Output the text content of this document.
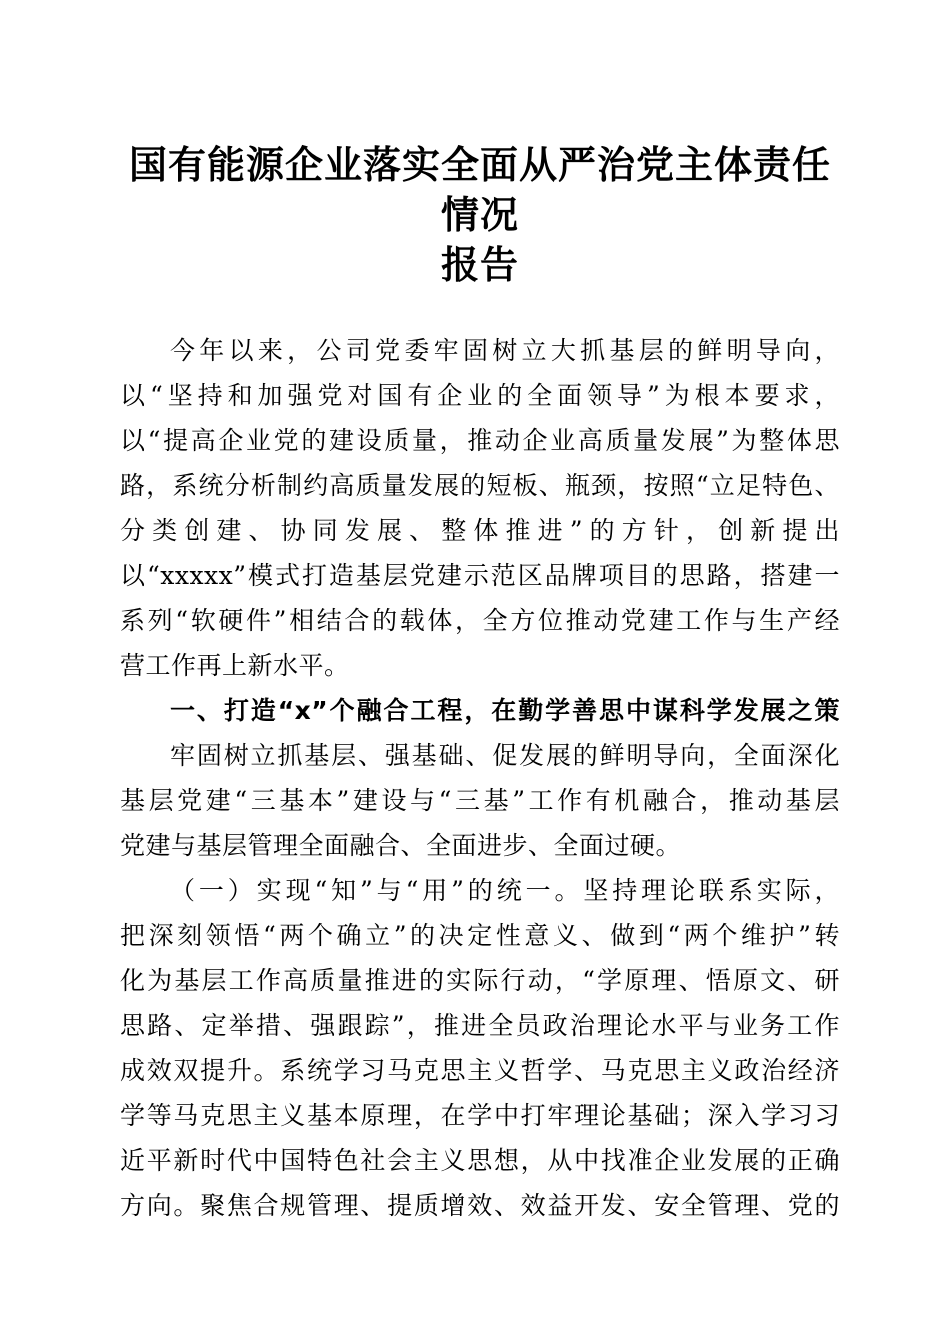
国有能源企业落实全面从严治党主体责任情况
报告
今年以来，公司党委牢固树立大抓基层的鲜明导向，
以“坚持和加强党对国有企业的全面领导”为根本要求，
以“提高企业党的建设质量，推动企业高质量发展”为整体思
路，系统分析制约高质量发展的短板、瓶颈，按照“立足特色、
分类创建、协同发展、整体推进”的方针，创新提出
以“xxxxx”模式打造基层党建示范区品牌项目的思路，搭建一
系列“软硬件”相结合的载体，全方位推动党建工作与生产经
营工作再上新水平。
一、打造“x”个融合工程，在勤学善思中谋科学发展之策
牢固树立抓基层、强基础、促发展的鲜明导向，全面深化
基层党建“三基本”建设与“三基”工作有机融合，推动基层
党建与基层管理全面融合、全面进步、全面过硬。
（一）实现“知”与“用”的统一。坚持理论联系实际，
把深刻领悟“两个确立”的决定性意义、做到“两个维护”转
化为基层工作高质量推进的实际行动，“学原理、悟原文、研
思路、定举措、强跟踪”，推进全员政治理论水平与业务工作
成效双提升。系统学习马克思主义哲学、马克思主义政治经济
学等马克思主义基本原理，在学中打牢理论基础；深入学习习
近平新时代中国特色社会主义思想，从中找准企业发展的正确
方向。聚焦合规管理、提质增效、效益开发、安全管理、党的
